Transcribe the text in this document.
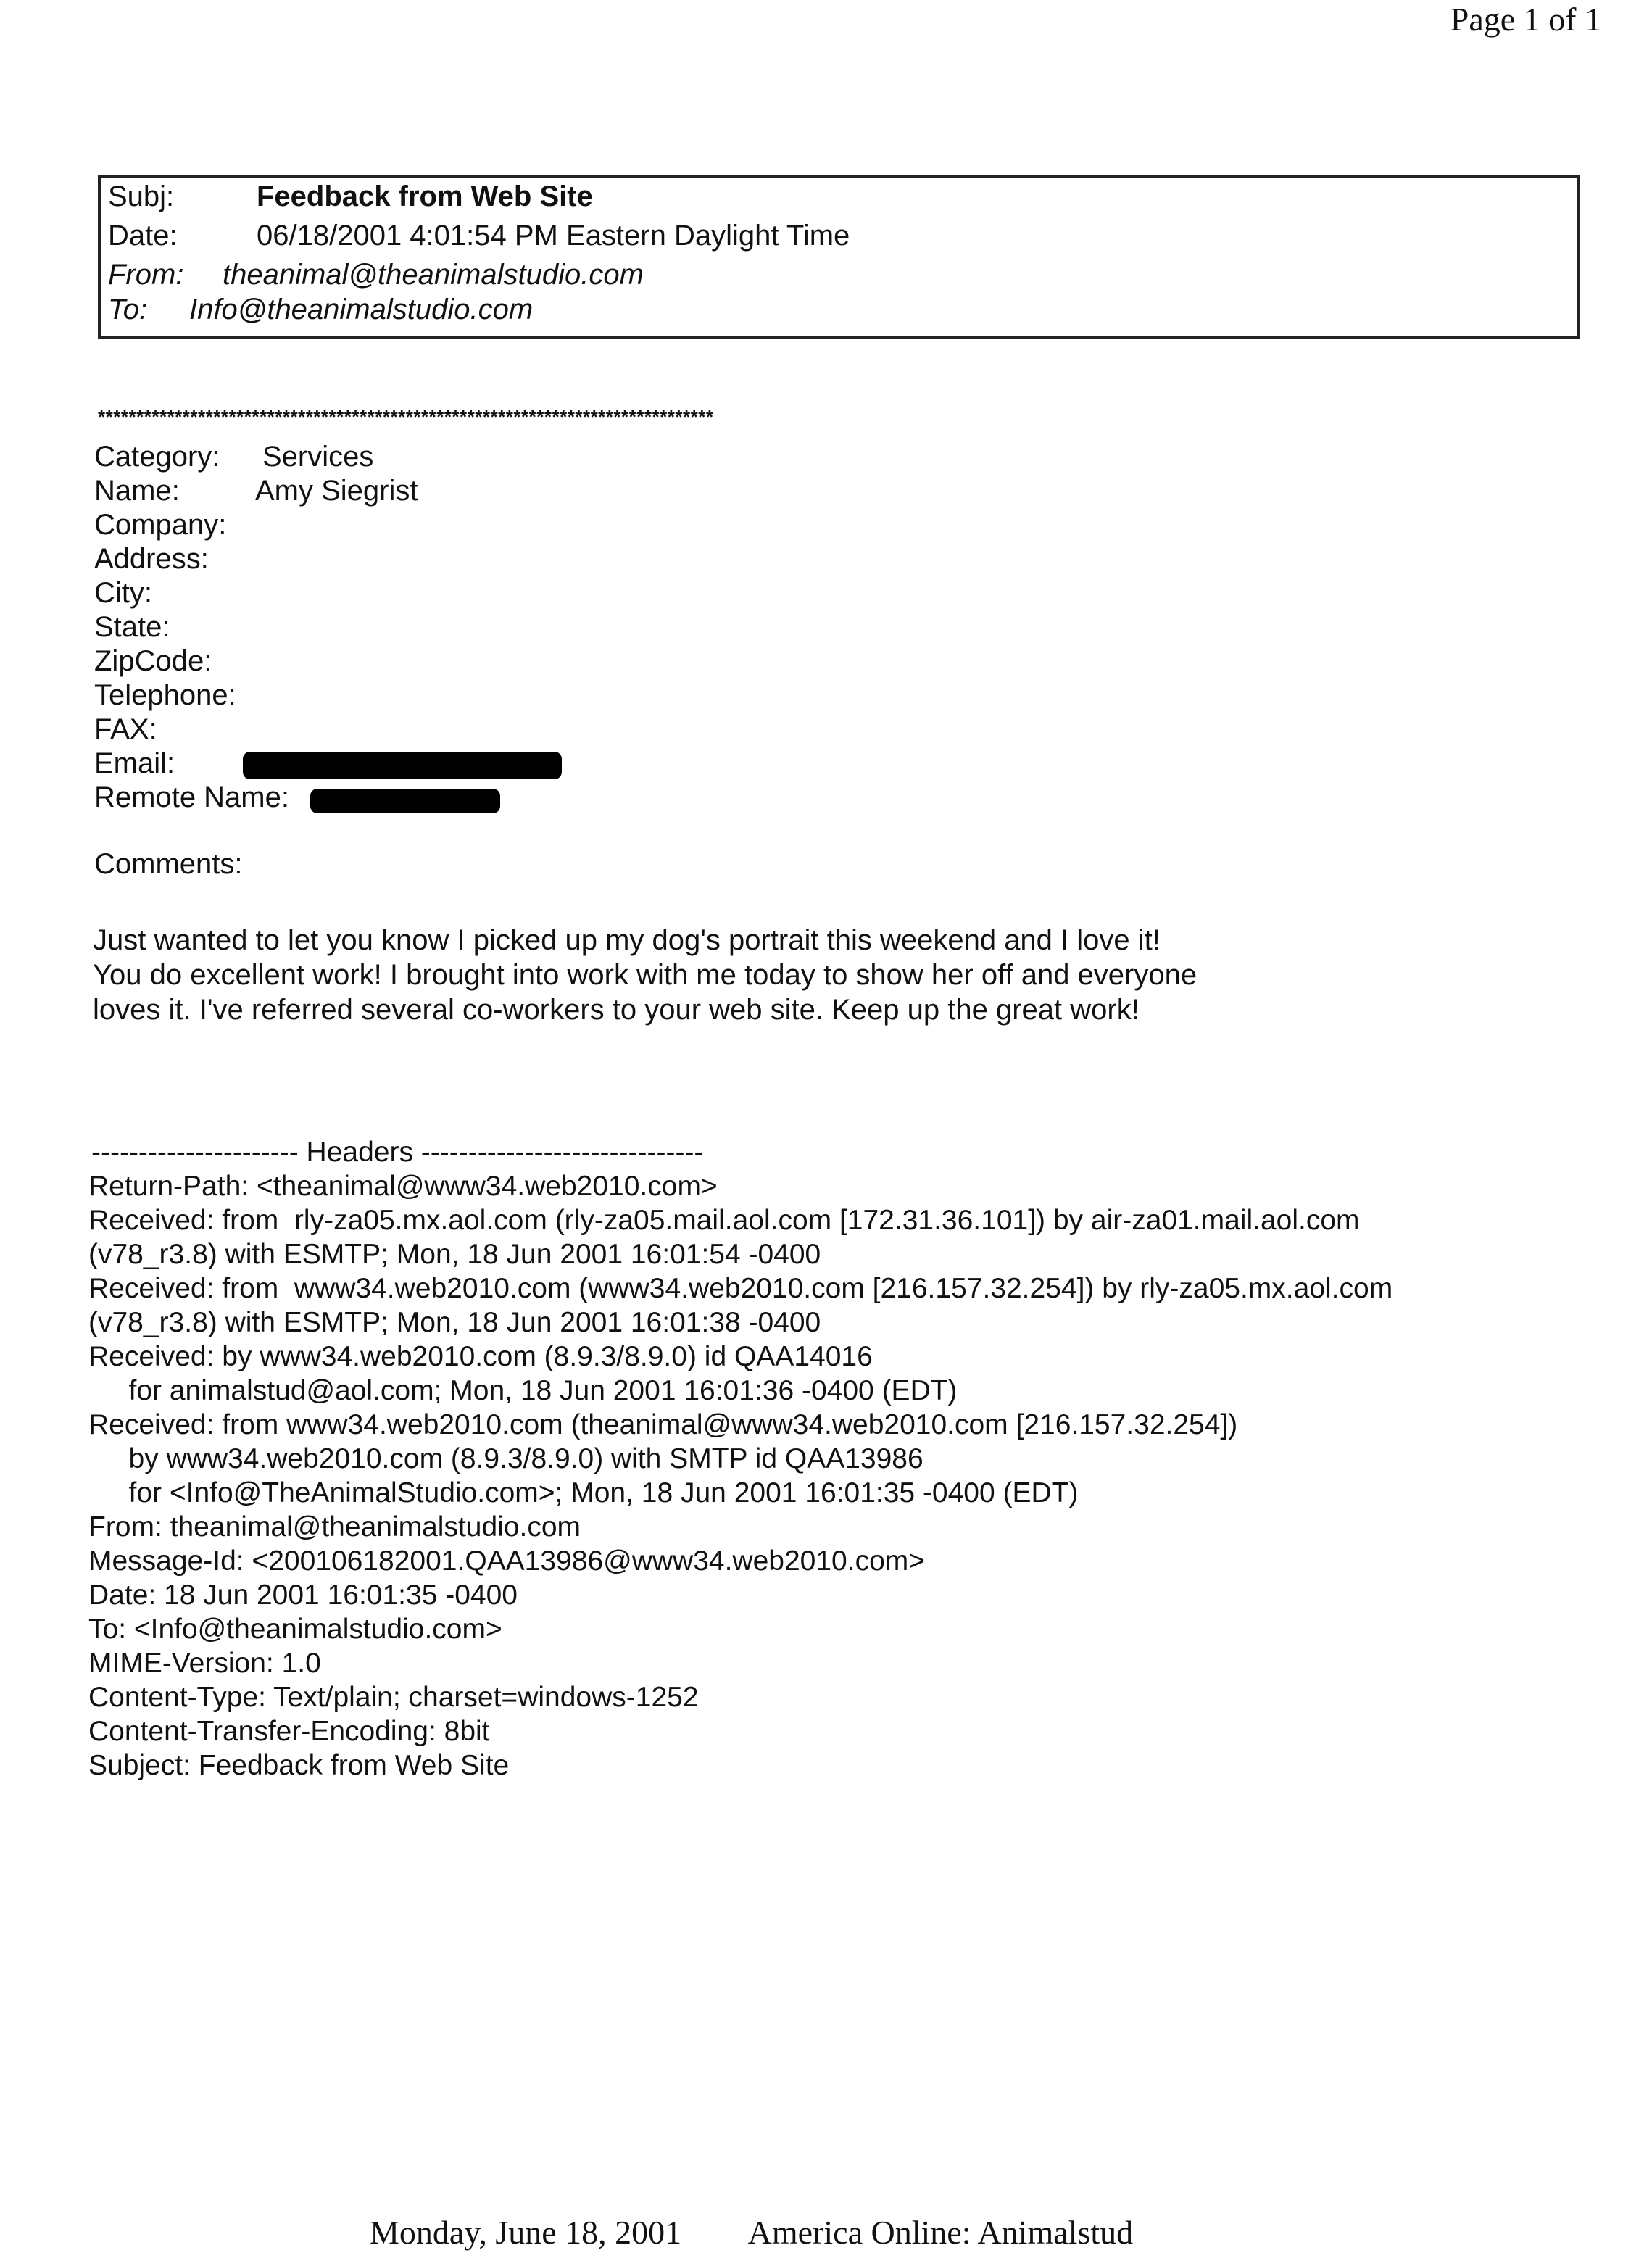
Page 1 of 1
Subj:	Feedback from Web Site
Date:	06/18/2001 4:01:54 PM Eastern Daylight Time
From: theanimal@theanimalstudio.com
To: Info@theanimalstudio.com
********************************************************************************
Category: Services
Name:	Amy Siegrist
Company:
Address:
City:
State:
ZipCode:
Telephone:
FAX:
Email:
Remote Name:
Comments:
Just wanted to let you know I picked up my dog's portrait this weekend and I love it!
You do excellent work! I brought into work with me today to show her off and everyone
loves it. I've referred several co-workers to your web site. Keep up the great work!
---------------------- Headers ------------------------------
Return-Path: <theanimal@www34.web2010.com>
Received: from  rly-za05.mx.aol.com (rly-za05.mail.aol.com [172.31.36.101]) by air-za01.mail.aol.com
(v78_r3.8) with ESMTP; Mon, 18 Jun 2001 16:01:54 -0400
Received: from  www34.web2010.com (www34.web2010.com [216.157.32.254]) by rly-za05.mx.aol.com
(v78_r3.8) with ESMTP; Mon, 18 Jun 2001 16:01:38 -0400
Received: by www34.web2010.com (8.9.3/8.9.0) id QAA14016
for animalstud@aol.com; Mon, 18 Jun 2001 16:01:36 -0400 (EDT)
Received: from www34.web2010.com (theanimal@www34.web2010.com [216.157.32.254])
by www34.web2010.com (8.9.3/8.9.0) with SMTP id QAA13986
for <Info@TheAnimalStudio.com>; Mon, 18 Jun 2001 16:01:35 -0400 (EDT)
From: theanimal@theanimalstudio.com
Message-Id: <200106182001.QAA13986@www34.web2010.com>
Date: 18 Jun 2001 16:01:35 -0400
To: <Info@theanimalstudio.com>
MIME-Version: 1.0
Content-Type: Text/plain; charset=windows-1252
Content-Transfer-Encoding: 8bit
Subject: Feedback from Web Site
Monday, June 18, 2001 America Online: Animalstud
